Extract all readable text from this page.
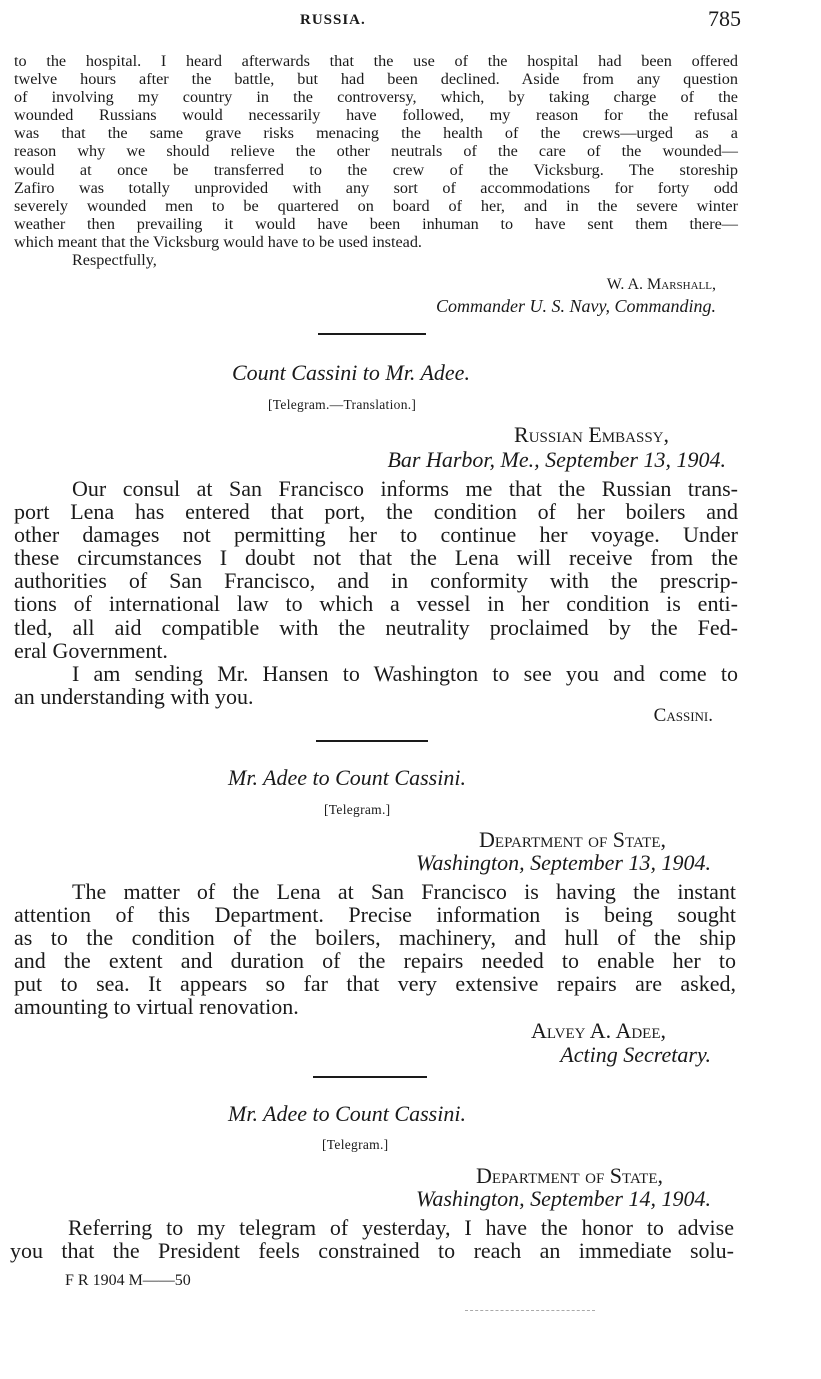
RUSSIA.	785

to the hospital. I heard afterwards that the use of the hospital had been offered

twelve hours after the battle, but had been declined. Aside from any question

of involving my country in the controversy, which, by taking charge of the

wounded Russians would necessarily have followed, my reason for the refusal

was that the same grave risks menacing the health of the crews—urged as a

reason why we should relieve the other neutrals of the care of the wounded—

would at once be transferred to the crew of the Vicksburg. The storeship

Zafiro was totally unprovided with any sort of accommodations for forty odd

severely wounded men to be quartered on board of her, and in the severe winter

weather then prevailing it would have been inhuman to have sent them there—

which meant that the Vicksburg would have to be used instead.

Respectfully,

W. A. Marshall,
Commander U. S. Navy, Commanding.
Count Cassini to Mr. Adee.
[Telegram.—Translation.]
Russian Embassy,
Bar Harbor, Me., September 13, 1904.

Our consul at San Francisco informs me that the Russian trans-

port Lena has entered that port, the condition of her boilers and

other damages not permitting her to continue her voyage. Under

these circumstances I doubt not that the Lena will receive from the

authorities of San Francisco, and in conformity with the prescrip-

tions of international law to which a vessel in her condition is enti-

tled, all aid compatible with the neutrality proclaimed by the Fed-

eral Government.

I am sending Mr. Hansen to Washington to see you and come to

an understanding with you.

Cassini.
Mr. Adee to Count Cassini.
[Telegram.]
Department of State,
Washington, September 13, 1904.

The matter of the Lena at San Francisco is having the instant

attention of this Department. Precise information is being sought

as to the condition of the boilers, machinery, and hull of the ship

and the extent and duration of the repairs needed to enable her to

put to sea. It appears so far that very extensive repairs are asked,

amounting to virtual renovation.

Alvey A. Adee,
Acting Secretary.
Mr. Adee to Count Cassini.
[Telegram.]
Department of State,
Washington, September 14, 1904.

Referring to my telegram of yesterday, I have the honor to advise

you that the President feels constrained to reach an immediate solu-

F R 1904 M——50
